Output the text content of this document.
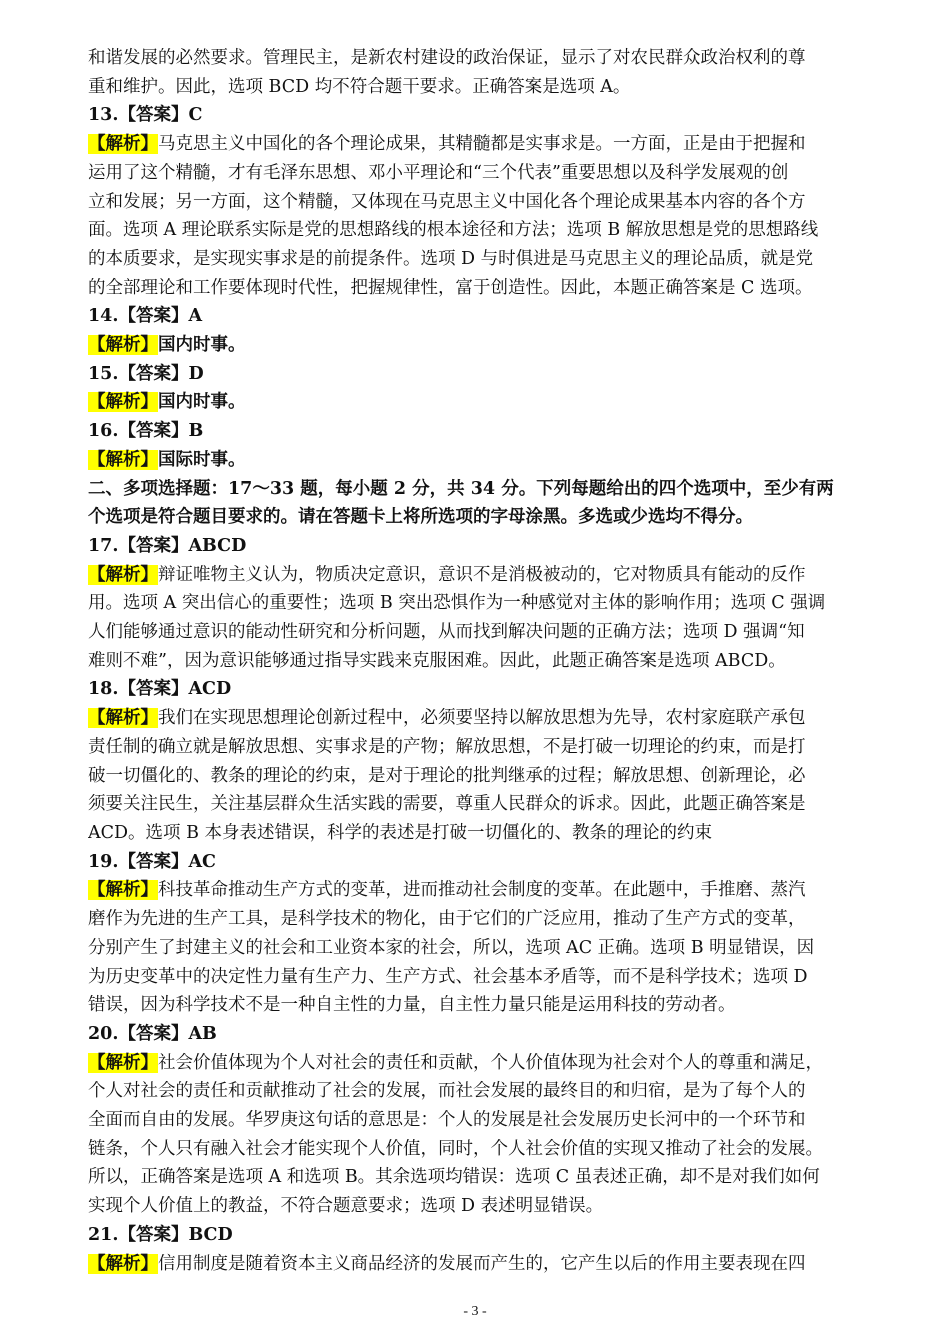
和谐发展的必然要求。管理民主，是新农村建设的政治保证，显示了对农民群众政治权利的尊
重和维护。因此，选项 BCD 均不符合题干要求。正确答案是选项 A。
13.【答案】C
【解析】马克思主义中国化的各个理论成果，其精髓都是实事求是。一方面，正是由于把握和
运用了这个精髓，才有毛泽东思想、邓小平理论和“三个代表”重要思想以及科学发展观的创
立和发展；另一方面，这个精髓，又体现在马克思主义中国化各个理论成果基本内容的各个方
面。选项 A 理论联系实际是党的思想路线的根本途径和方法；选项 B 解放思想是党的思想路线
的本质要求，是实现实事求是的前提条件。选项 D 与时俱进是马克思主义的理论品质，就是党
的全部理论和工作要体现时代性，把握规律性，富于创造性。因此，本题正确答案是 C 选项。
14.【答案】A
【解析】国内时事。
15.【答案】D
【解析】国内时事。
16.【答案】B
【解析】国际时事。
二、多项选择题：17～33 题，每小题 2 分，共 34 分。下列每题给出的四个选项中，至少有两
个选项是符合题目要求的。请在答题卡上将所选项的字母涂黑。多选或少选均不得分。
17.【答案】ABCD
【解析】辩证唯物主义认为，物质决定意识，意识不是消极被动的，它对物质具有能动的反作
用。选项 A 突出信心的重要性；选项 B 突出恐惧作为一种感觉对主体的影响作用；选项 C 强调
人们能够通过意识的能动性研究和分析问题，从而找到解决问题的正确方法；选项 D 强调“知
难则不难”，因为意识能够通过指导实践来克服困难。因此，此题正确答案是选项 ABCD。
18.【答案】ACD
【解析】我们在实现思想理论创新过程中，必须要坚持以解放思想为先导，农村家庭联产承包
责任制的确立就是解放思想、实事求是的产物；解放思想，不是打破一切理论的约束，而是打
破一切僵化的、教条的理论的约束，是对于理论的批判继承的过程；解放思想、创新理论，必
须要关注民生，关注基层群众生活实践的需要，尊重人民群众的诉求。因此，此题正确答案是
ACD。选项 B 本身表述错误，科学的表述是打破一切僵化的、教条的理论的约束
19.【答案】AC
【解析】科技革命推动生产方式的变革，进而推动社会制度的变革。在此题中，手推磨、蒸汽
磨作为先进的生产工具，是科学技术的物化，由于它们的广泛应用，推动了生产方式的变革，
分别产生了封建主义的社会和工业资本家的社会，所以，选项 AC 正确。选项 B 明显错误，因
为历史变革中的决定性力量有生产力、生产方式、社会基本矛盾等，而不是科学技术；选项 D
错误，因为科学技术不是一种自主性的力量，自主性力量只能是运用科技的劳动者。
20.【答案】AB
【解析】社会价值体现为个人对社会的责任和贡献，个人价值体现为社会对个人的尊重和满足，
个人对社会的责任和贡献推动了社会的发展，而社会发展的最终目的和归宿，是为了每个人的
全面而自由的发展。华罗庚这句话的意思是：个人的发展是社会发展历史长河中的一个环节和
链条，个人只有融入社会才能实现个人价值，同时，个人社会价值的实现又推动了社会的发展。
所以，正确答案是选项 A 和选项 B。其余选项均错误：选项 C 虽表述正确，却不是对我们如何
实现个人价值上的教益，不符合题意要求；选项 D 表述明显错误。
21.【答案】BCD
【解析】信用制度是随着资本主义商品经济的发展而产生的，它产生以后的作用主要表现在四
- 3 -
